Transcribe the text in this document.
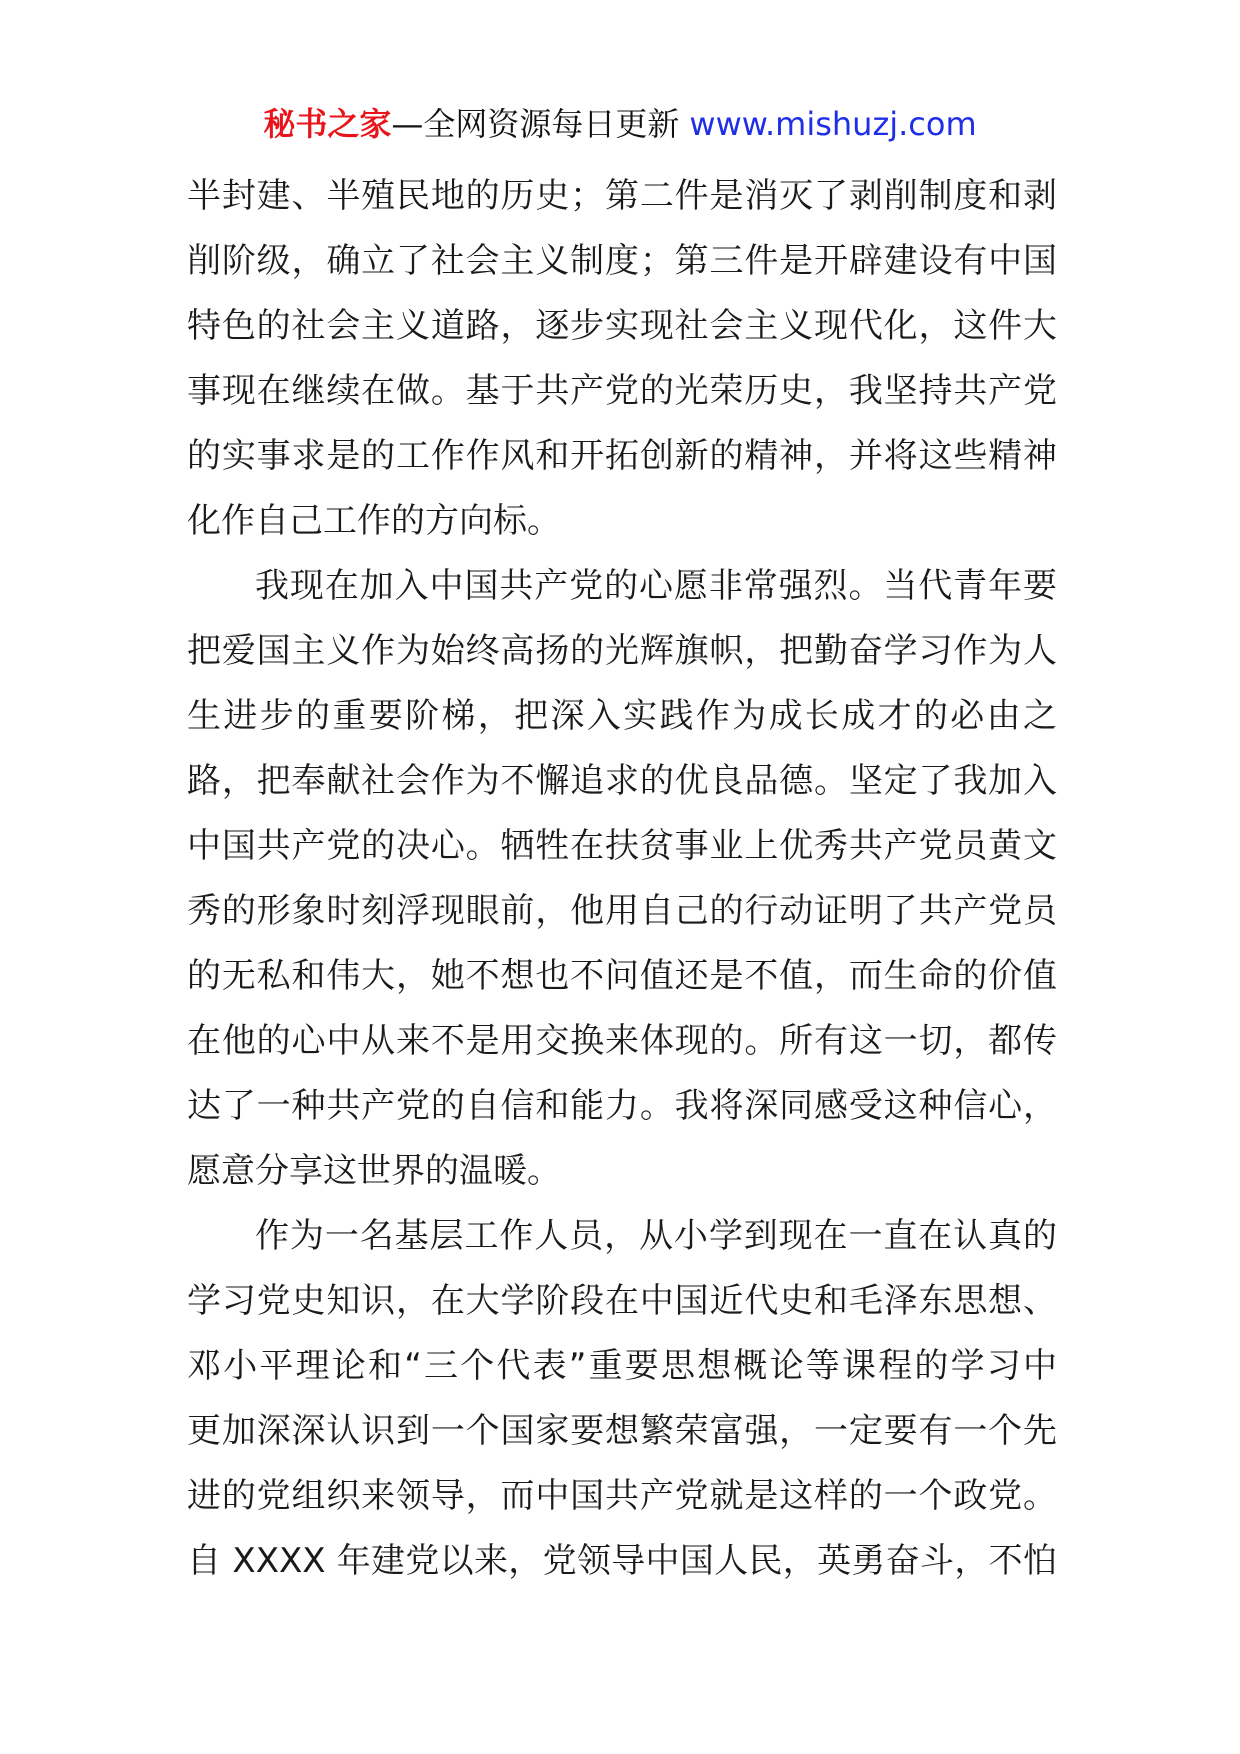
秘书之家—全网资源每日更新 www.mishuzj.com
半封建、半殖民地的历史；第二件是消灭了剥削制度和剥
削阶级，确立了社会主义制度；第三件是开辟建设有中国
特色的社会主义道路，逐步实现社会主义现代化，这件大
事现在继续在做。基于共产党的光荣历史，我坚持共产党
的实事求是的工作作风和开拓创新的精神，并将这些精神
化作自己工作的方向标。
我现在加入中国共产党的心愿非常强烈。当代青年要
把爱国主义作为始终高扬的光辉旗帜，把勤奋学习作为人
生进步的重要阶梯，把深入实践作为成长成才的必由之
路，把奉献社会作为不懈追求的优良品德。坚定了我加入
中国共产党的决心。牺牲在扶贫事业上优秀共产党员黄文
秀的形象时刻浮现眼前，他用自己的行动证明了共产党员
的无私和伟大，她不想也不问值还是不值，而生命的价值
在他的心中从来不是用交换来体现的。所有这一切，都传
达了一种共产党的自信和能力。我将深同感受这种信心，
愿意分享这世界的温暖。
作为一名基层工作人员，从小学到现在一直在认真的
学习党史知识，在大学阶段在中国近代史和毛泽东思想、
邓小平理论和“三个代表”重要思想概论等课程的学习中
更加深深认识到一个国家要想繁荣富强，一定要有一个先
进的党组织来领导，而中国共产党就是这样的一个政党。
自 XXXX 年建党以来，党领导中国人民，英勇奋斗，不怕
